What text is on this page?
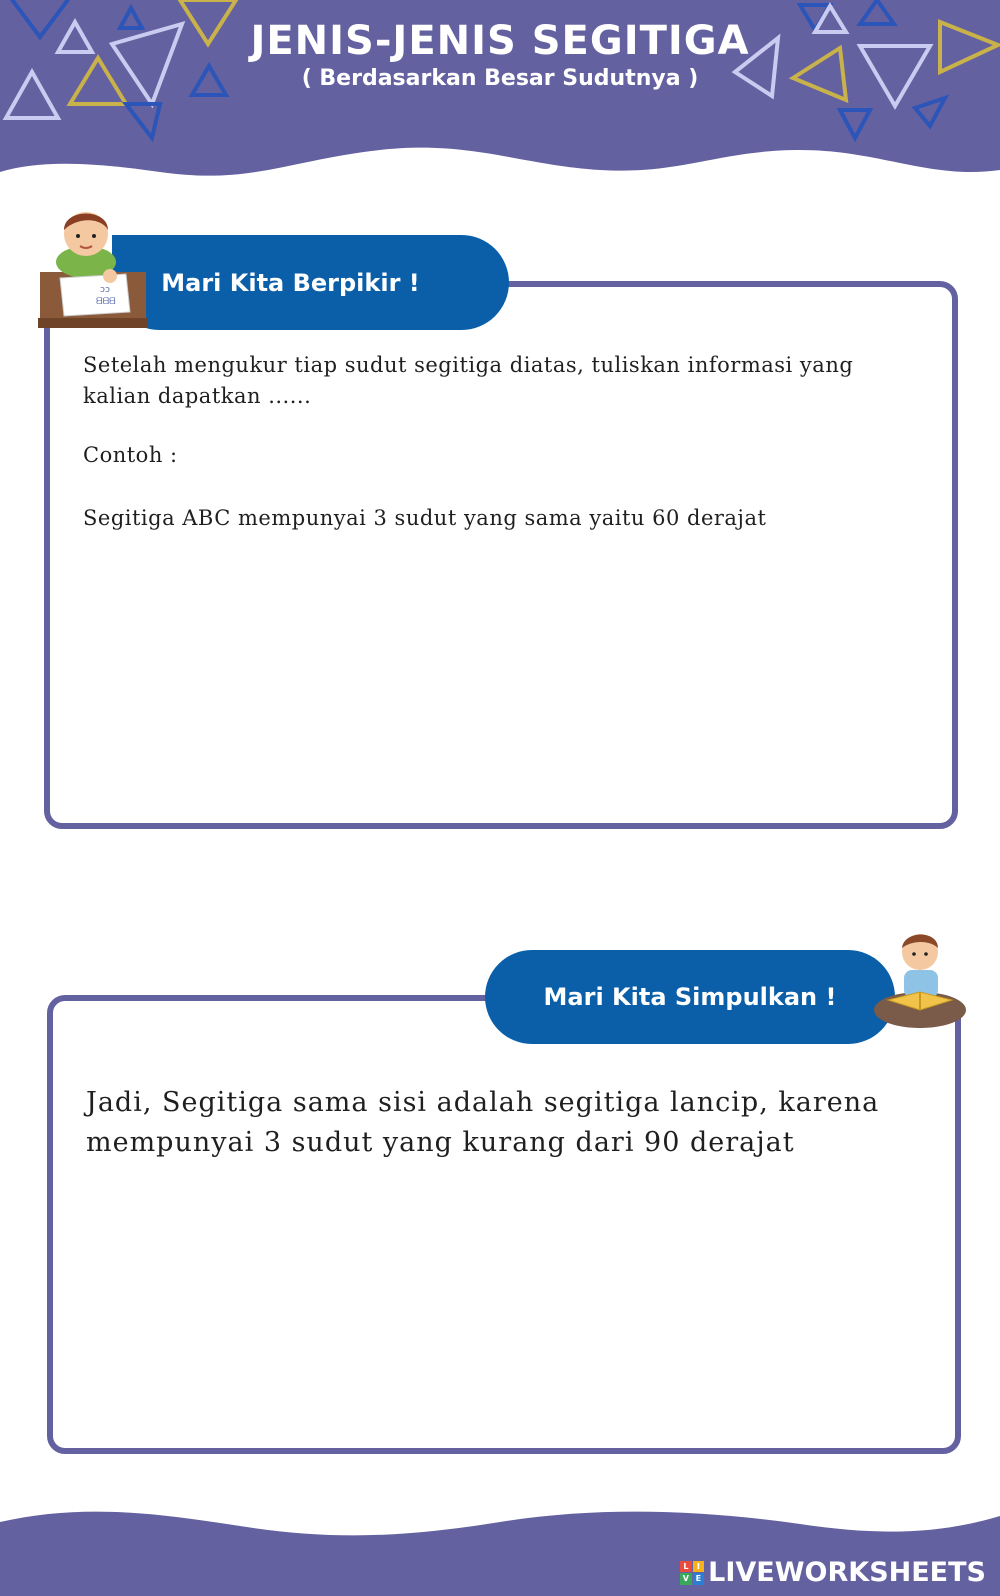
JENIS-JENIS SEGITIGA

( Berdasarkan Besar Sudutnya )

Mari Kita Berpikir !
ɔɔ
ᗺᗺᗺ

Setelah mengukur tiap sudut segitiga diatas, tuliskan informasi yang kalian dapatkan ......

Contoh :

Segitiga ABC mempunyai 3 sudut yang sama yaitu 60 derajat

Mari Kita Simpulkan !

Jadi, Segitiga sama sisi adalah segitiga lancip, karena mempunyai 3 sudut yang kurang dari 90 derajat

L	I
V E LIVEWORKSHEETS
